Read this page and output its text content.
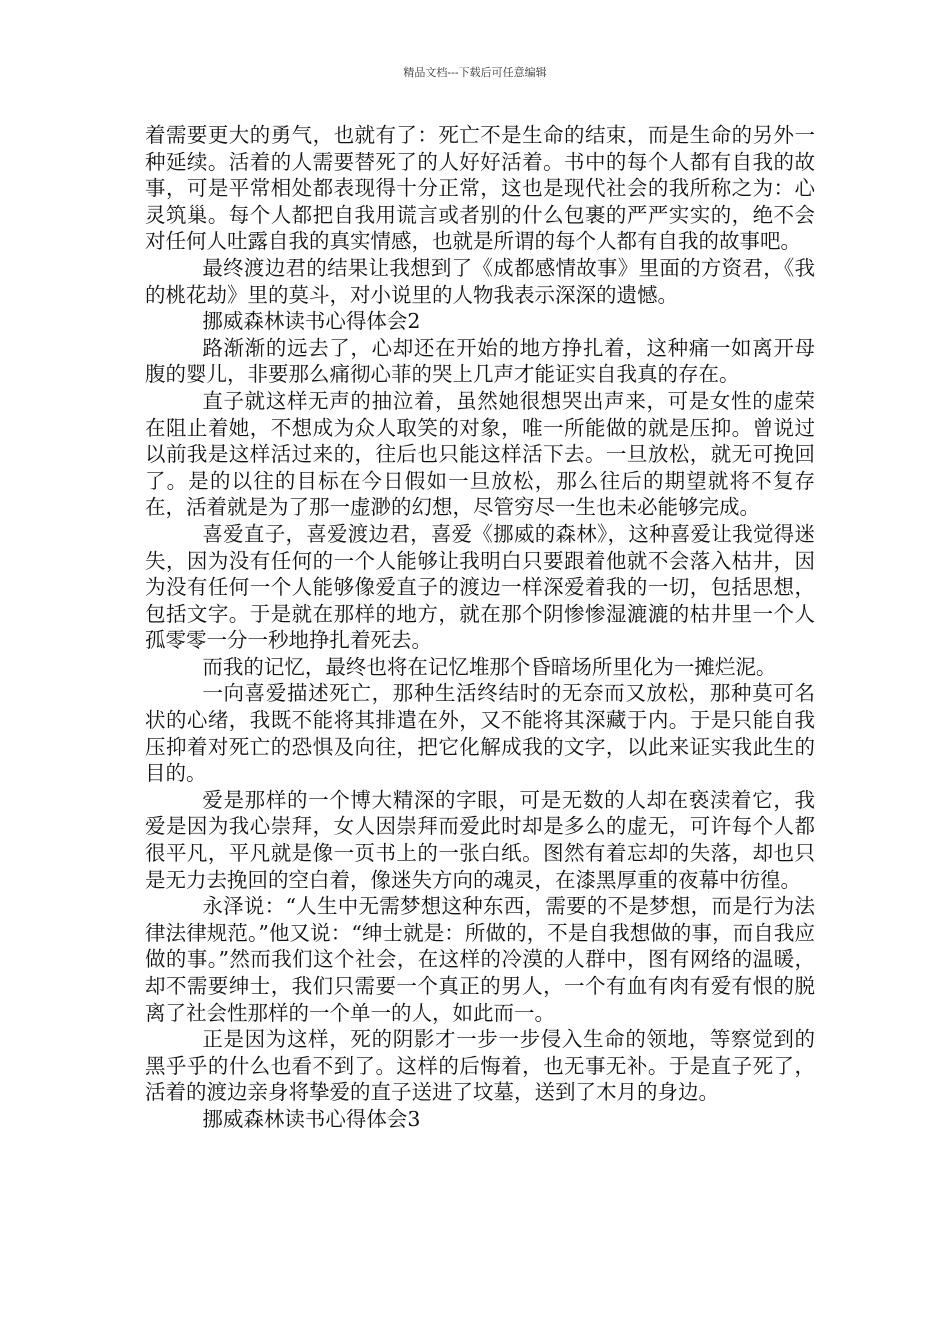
精品文档---下载后可任意编辑

着需要更大的勇气，也就有了：死亡不是生命的结束，而是生命的另外一种延续。活着的人需要替死了的人好好活着。书中的每个人都有自我的故事，可是平常相处都表现得十分正常，这也是现代社会的我所称之为：心灵筑巢。每个人都把自我用谎言或者别的什么包裹的严严实实的，绝不会对任何人吐露自我的真实情感，也就是所谓的每个人都有自我的故事吧。

最终渡边君的结果让我想到了《成都感情故事》里面的方资君，《我的桃花劫》里的莫斗，对小说里的人物我表示深深的遗憾。

挪威森林读书心得体会2

路渐渐的远去了，心却还在开始的地方挣扎着，这种痛一如离开母腹的婴儿，非要那么痛彻心菲的哭上几声才能证实自我真的存在。

直子就这样无声的抽泣着，虽然她很想哭出声来，可是女性的虚荣在阻止着她，不想成为众人取笑的对象，唯一所能做的就是压抑。曾说过以前我是这样活过来的，往后也只能这样活下去。一旦放松，就无可挽回了。是的以往的目标在今日假如一旦放松，那么往后的期望就将不复存在，活着就是为了那一虚渺的幻想，尽管穷尽一生也未必能够完成。

喜爱直子，喜爱渡边君，喜爱《挪威的森林》，这种喜爱让我觉得迷失，因为没有任何的一个人能够让我明白只要跟着他就不会落入枯井，因为没有任何一个人能够像爱直子的渡边一样深爱着我的一切，包括思想，包括文字。于是就在那样的地方，就在那个阴惨惨湿漉漉的枯井里一个人孤零零一分一秒地挣扎着死去。

而我的记忆，最终也将在记忆堆那个昏暗场所里化为一摊烂泥。

一向喜爱描述死亡，那种生活终结时的无奈而又放松，那种莫可名状的心绪，我既不能将其排遣在外，又不能将其深藏于内。于是只能自我压抑着对死亡的恐惧及向往，把它化解成我的文字，以此来证实我此生的目的。

爱是那样的一个博大精深的字眼，可是无数的人却在亵渎着它，我爱是因为我心崇拜，女人因崇拜而爱此时却是多么的虚无，可许每个人都很平凡，平凡就是像一页书上的一张白纸。图然有着忘却的失落，却也只是无力去挽回的空白着，像迷失方向的魂灵，在漆黑厚重的夜幕中彷徨。

永泽说：“人生中无需梦想这种东西，需要的不是梦想，而是行为法律法律规范。”他又说：“绅士就是：所做的，不是自我想做的事，而自我应做的事。”然而我们这个社会，在这样的冷漠的人群中，图有网络的温暖，却不需要绅士，我们只需要一个真正的男人，一个有血有肉有爱有恨的脱离了社会性那样的一个单一的人，如此而一。

正是因为这样，死的阴影才一步一步侵入生命的领地，等察觉到的黑乎乎的什么也看不到了。这样的后悔着，也无事无补。于是直子死了，活着的渡边亲身将挚爱的直子送进了坟墓，送到了木月的身边。

挪威森林读书心得体会3
